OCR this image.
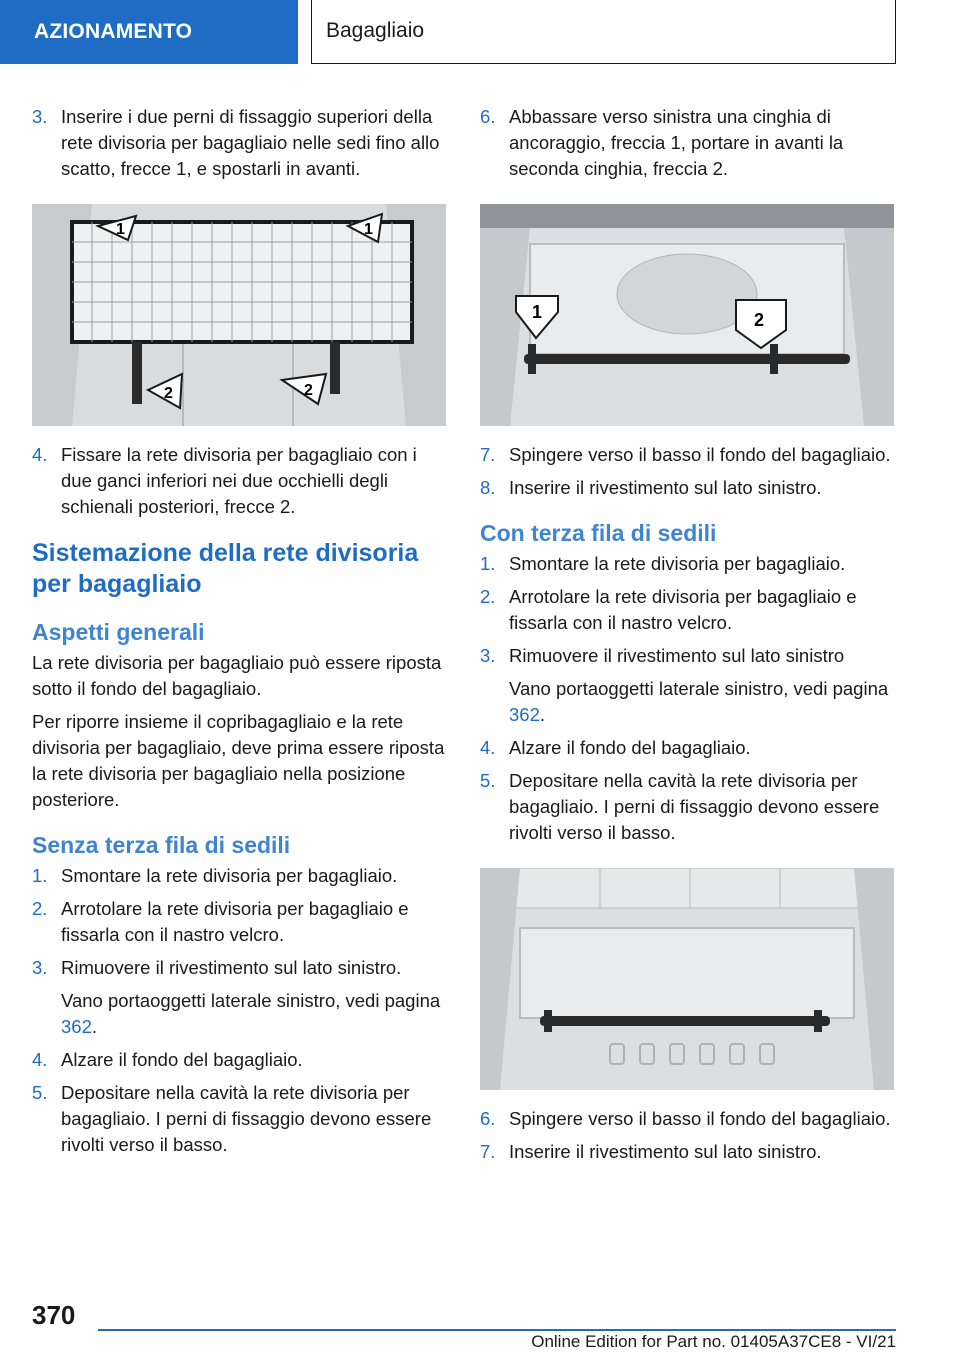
AZIONAMENTO	Bagagliaio
3. Inserire i due perni di fissaggio superiori della rete divisoria per bagagliaio nelle sedi fino allo scatto, frecce 1, e spostarli in avanti.
1	1
2	2
4. Fissare la rete divisoria per bagagliaio con i due ganci inferiori nei due occhielli degli schienali posteriori, frecce 2.
Sistemazione della rete divisoria per bagagliaio
Aspetti generali
La rete divisoria per bagagliaio può essere riposta sotto il fondo del bagagliaio.
Per riporre insieme il copribagagliaio e la rete divisoria per bagagliaio, deve prima essere riposta la rete divisoria per bagagliaio nella posizione posteriore.
Senza terza fila di sedili
1. Smontare la rete divisoria per bagagliaio.
2. Arrotolare la rete divisoria per bagagliaio e fissarla con il nastro velcro.
3. Rimuovere il rivestimento sul lato sinistro.
Vano portaoggetti laterale sinistro, vedi pagina 362.
4. Alzare il fondo del bagagliaio.
5. Depositare nella cavità la rete divisoria per bagagliaio. I perni di fissaggio devono essere rivolti verso il basso.
6. Abbassare verso sinistra una cinghia di ancoraggio, freccia 1, portare in avanti la seconda cinghia, freccia 2.
1	2
7. Spingere verso il basso il fondo del bagagliaio.
8. Inserire il rivestimento sul lato sinistro.
Con terza fila di sedili
1. Smontare la rete divisoria per bagagliaio.
2. Arrotolare la rete divisoria per bagagliaio e fissarla con il nastro velcro.
3. Rimuovere il rivestimento sul lato sinistro
Vano portaoggetti laterale sinistro, vedi pagina 362.
4. Alzare il fondo del bagagliaio.
5. Depositare nella cavità la rete divisoria per bagagliaio. I perni di fissaggio devono essere rivolti verso il basso.
6. Spingere verso il basso il fondo del bagagliaio.
7. Inserire il rivestimento sul lato sinistro.
370
Online Edition for Part no. 01405A37CE8 - VI/21
